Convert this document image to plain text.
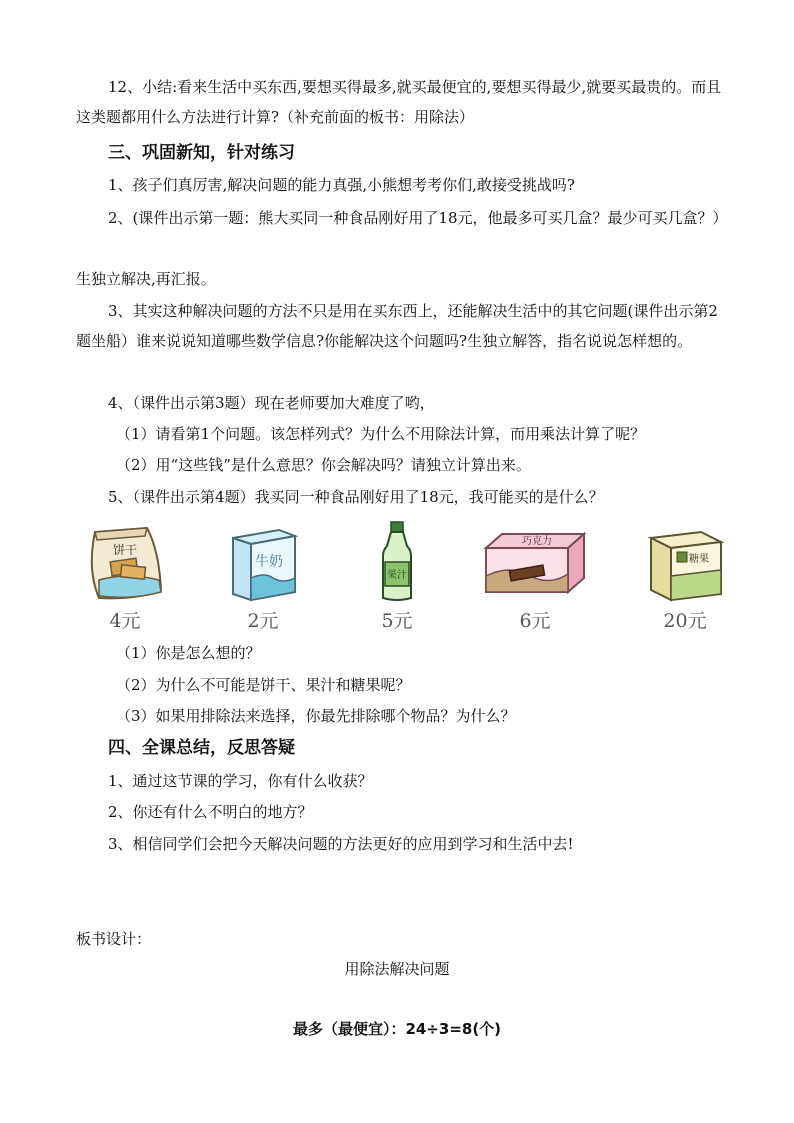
12、小结:看来生活中买东西,要想买得最多,就买最便宜的,要想买得最少,就要买最贵的。而且这类题都用什么方法进行计算?（补充前面的板书：用除法）

三、巩固新知，针对练习

1、孩子们真厉害,解决问题的能力真强,小熊想考考你们,敢接受挑战吗?

2、(课件出示第一题：熊大买同一种食品刚好用了18元，他最多可买几盒？最少可买几盒？）

生独立解决,再汇报。

3、其实这种解决问题的方法不只是用在买东西上，还能解决生活中的其它问题(课件出示第2题坐船）谁来说说知道哪些数学信息?你能解决这个问题吗?生独立解答，指名说说怎样想的。

4、（课件出示第3题）现在老师要加大难度了哟，

（1）请看第1个问题。该怎样列式？为什么不用除法计算，而用乘法计算了呢？
（2）用“这些钱”是什么意思？你会解决吗？请独立计算出来。

5、（课件出示第4题）我买同一种食品刚好用了18元，我可能买的是什么？

饼干
4元
牛奶
2元
果汁
5元
巧克力
6元
糖果
20元
（1）你是怎么想的？
（2）为什么不可能是饼干、果汁和糖果呢？
（3）如果用排除法来选择，你最先排除哪个物品？为什么？
四、全课总结，反思答疑
1、通过这节课的学习，你有什么收获？
2、你还有什么不明白的地方？
3、相信同学们会把今天解决问题的方法更好的应用到学习和生活中去!
板书设计：
用除法解决问题
最多（最便宜）：24÷3=8(个)
